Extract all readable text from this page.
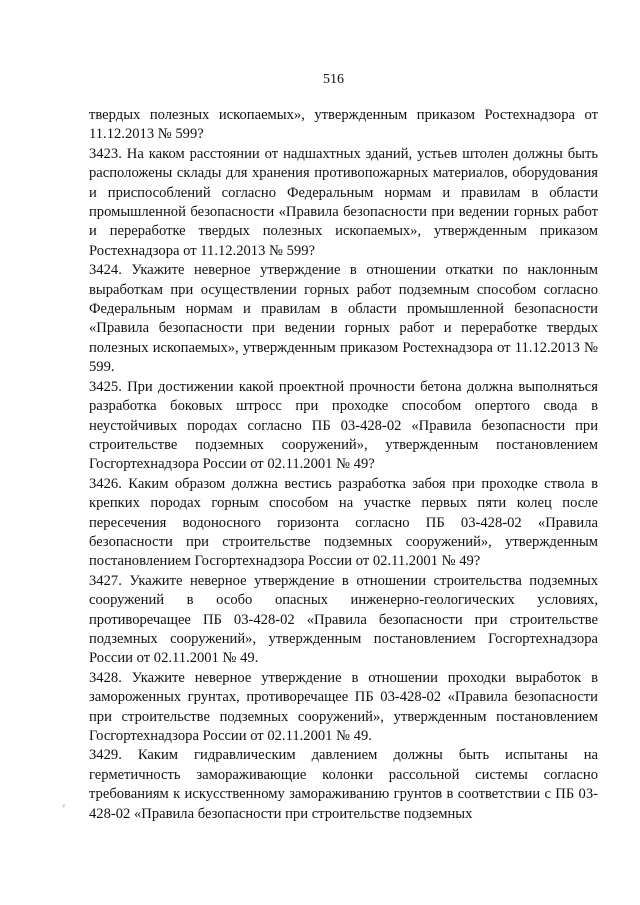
516

твердых полезных ископаемых», утвержденным приказом Ростехнадзора от 11.12.2013 № 599?

3423. На каком расстоянии от надшахтных зданий, устьев штолен должны быть расположены склады для хранения противопожарных материалов, оборудования и приспособлений согласно Федеральным нормам и правилам в области промышленной безопасности «Правила безопасности при ведении горных работ и переработке твердых полезных ископаемых», утвержденным приказом Ростехнадзора от 11.12.2013 № 599?

3424. Укажите неверное утверждение в отношении откатки по наклонным выработкам при осуществлении горных работ подземным способом согласно Федеральным нормам и правилам в области промышленной безопасности «Правила безопасности при ведении горных работ и переработке твердых полезных ископаемых», утвержденным приказом Ростехнадзора от 11.12.2013 № 599.

3425. При достижении какой проектной прочности бетона должна выполняться разработка боковых штросс при проходке способом опертого свода в неустойчивых породах согласно ПБ 03-428-02 «Правила безопасности при строительстве подземных сооружений», утвержденным постановлением Госгортехнадзора России от 02.11.2001 № 49?

3426. Каким образом должна вестись разработка забоя при проходке ствола в крепких породах горным способом на участке первых пяти колец после пересечения водоносного горизонта согласно ПБ 03-428-02 «Правила безопасности при строительстве подземных сооружений», утвержденным постановлением Госгортехнадзора России от 02.11.2001 № 49?

3427. Укажите неверное утверждение в отношении строительства подземных сооружений в особо опасных инженерно-геологических условиях, противоречащее ПБ 03-428-02 «Правила безопасности при строительстве подземных сооружений», утвержденным постановлением Госгортехнадзора России от 02.11.2001 № 49.

3428. Укажите неверное утверждение в отношении проходки выработок в замороженных грунтах, противоречащее ПБ 03-428-02 «Правила безопасности при строительстве подземных сооружений», утвержденным постановлением Госгортехнадзора России от 02.11.2001 № 49.

3429. Каким гидравлическим давлением должны быть испытаны на герметичность замораживающие колонки рассольной системы согласно требованиям к искусственному замораживанию грунтов в соответствии с ПБ 03-428-02 «Правила безопасности при строительстве подземных

⸗
